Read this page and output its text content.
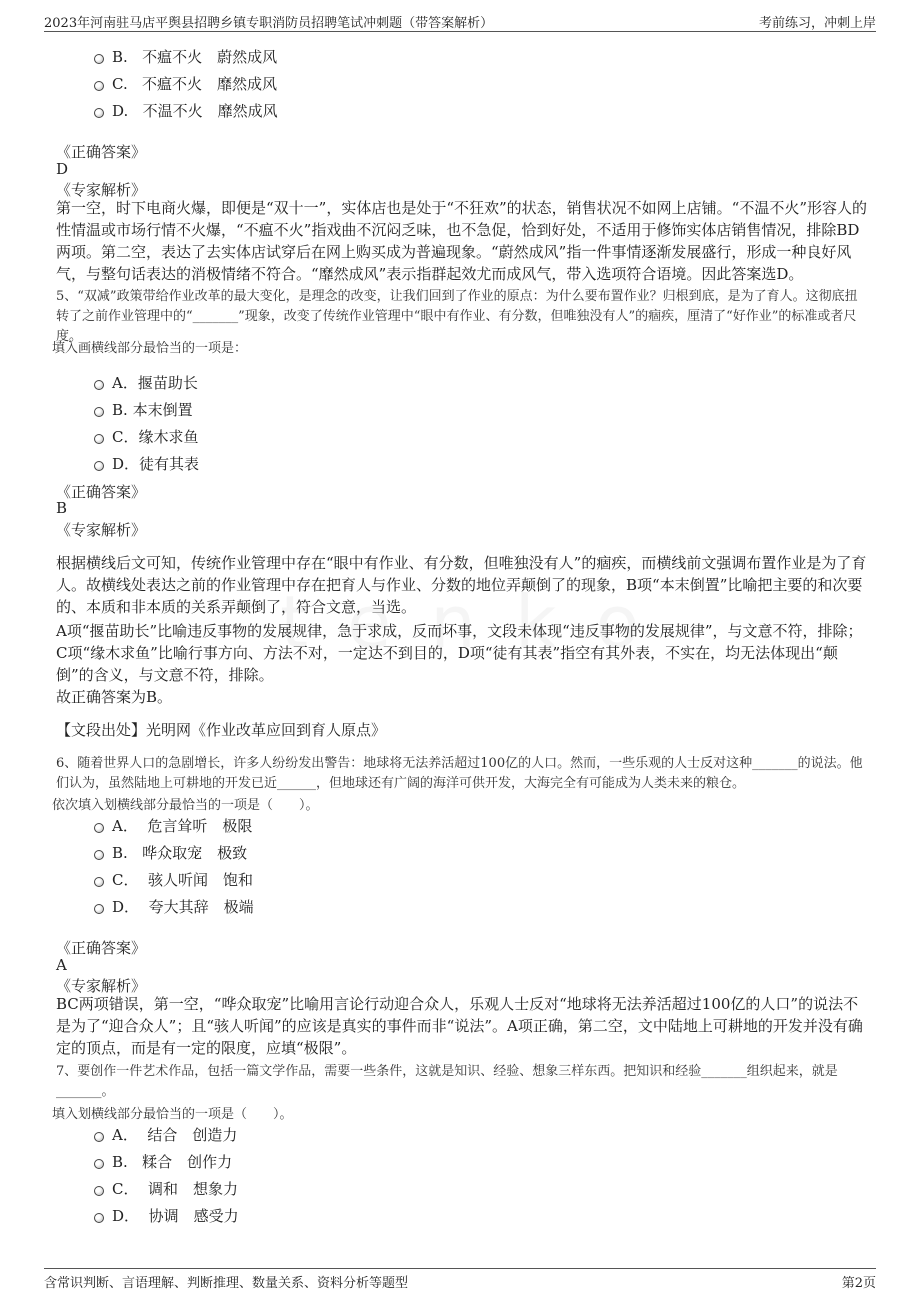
2023年河南驻马店平舆县招聘乡镇专职消防员招聘笔试冲刺题（带答案解析）	考前练习，冲刺上岸
B.
不瘟不火　蔚然成风
C.
不瘟不火　靡然成风
D.
不温不火　靡然成风
《正确答案》
D
《专家解析》
第一空，时下电商火爆，即便是“双十一”，实体店也是处于“不狂欢”的状态，销售状况不如网上店铺。“不温不火”形容人的性情温或市场行情不火爆，“不瘟不火”指戏曲不沉闷乏味，也不急促，恰到好处，不适用于修饰实体店销售情况，排除BD两项。第二空，表达了去实体店试穿后在网上购买成为普遍现象。“蔚然成风”指一件事情逐渐发展盛行，形成一种良好风气，与整句话表达的消极情绪不符合。“靡然成风”表示指群起效尤而成风气，带入选项符合语境。因此答案选D。
5、“双减”政策带给作业改革的最大变化，是理念的改变，让我们回到了作业的原点：为什么要布置作业？归根到底，是为了育人。这彻底扭转了之前作业管理中的“_______”现象，改变了传统作业管理中“眼中有作业、有分数，但唯独没有人”的痼疾，厘清了“好作业”的标准或者尺度。
填入画横线部分最恰当的一项是：
A． 揠苗助长
B.
本末倒置
C． 缘木求鱼
D． 徒有其表
《正确答案》
B
《专家解析》
根据横线后文可知，传统作业管理中存在“眼中有作业、有分数，但唯独没有人”的痼疾，而横线前文强调布置作业是为了育人。故横线处表达之前的作业管理中存在把育人与作业、分数的地位弄颠倒了的现象，B项“本末倒置”比喻把主要的和次要的、本质和非本质的关系弄颠倒了，符合文意，当选。
A项“揠苗助长”比喻违反事物的发展规律，急于求成，反而坏事，文段未体现“违反事物的发展规律”，与文意不符，排除；C项“缘木求鱼”比喻行事方向、方法不对，一定达不到目的，D项“徒有其表”指空有其外表，不实在，均无法体现出“颠倒”的含义，与文意不符，排除。
故正确答案为B。
【文段出处】光明网《作业改革应回到育人原点》
6、随着世界人口的急剧增长，许多人纷纷发出警告：地球将无法养活超过100亿的人口。然而，一些乐观的人士反对这种_______的说法。他们认为，虽然陆地上可耕地的开发已近______，但地球还有广阔的海洋可供开发，大海完全有可能成为人类未来的粮仓。
依次填入划横线部分最恰当的一项是（　　）。
A．
危言耸听　极限
B.
哗众取宠　极致
C．
骇人听闻　饱和
D．
夸大其辞　极端
《正确答案》
A
《专家解析》
BC两项错误，第一空，“哗众取宠”比喻用言论行动迎合众人，乐观人士反对“地球将无法养活超过100亿的人口”的说法不是为了“迎合众人”；且“骇人听闻”的应该是真实的事件而非“说法”。A项正确，第二空，文中陆地上可耕地的开发并没有确定的顶点，而是有一定的限度，应填“极限”。
7、要创作一件艺术作品，包括一篇文学作品，需要一些条件，这就是知识、经验、想象三样东西。把知识和经验_______组织起来，就是_______。
填入划横线部分最恰当的一项是（　　）。
A．
结合　创造力
B.
糅合　创作力
C．
调和　想象力
D．
协调　感受力
含常识判断、言语理解、判断推理、数量关系、资料分析等题型	第2页
